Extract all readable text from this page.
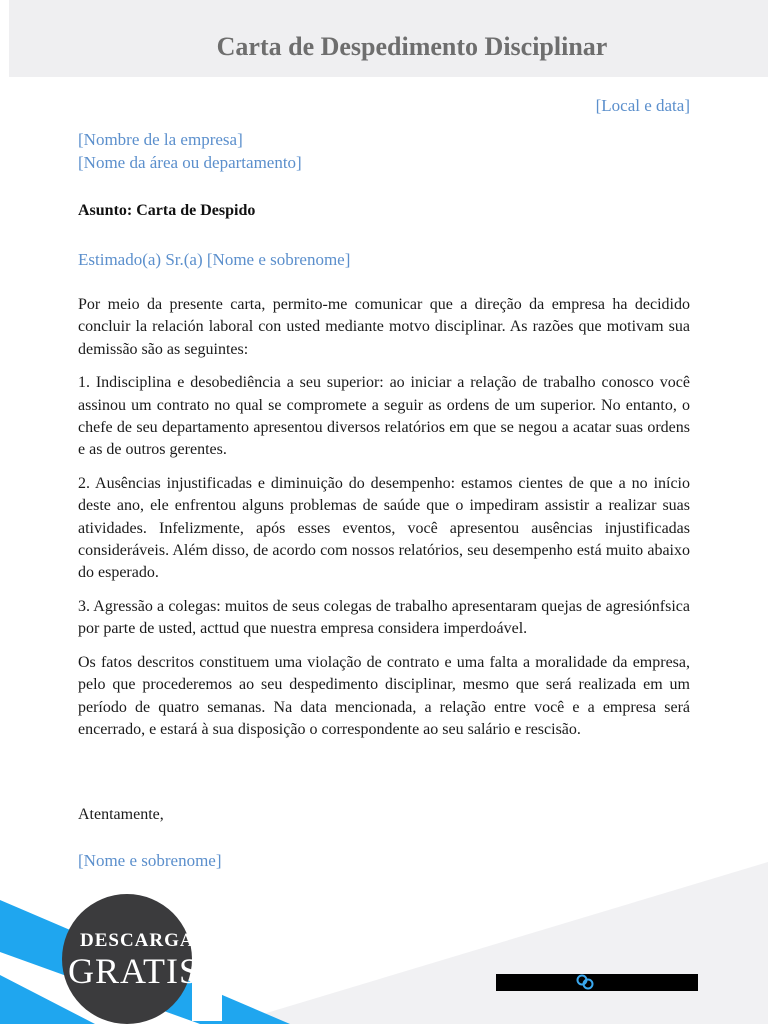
Carta de Despedimento Disciplinar
[Local e data]
[Nombre de la empresa]
[Nome da área ou departamento]
Asunto: Carta de Despido
Estimado(a) Sr.(a) [Nome e sobrenome]

Por meio da presente carta, permito-me comunicar que a direção da empresa ha decidido concluir la relación laboral con usted mediante motvo disciplinar. As razões que motivam sua demissão são as seguintes:

1. Indisciplina e desobediência a seu superior: ao iniciar a relação de trabalho conosco você assinou um contrato no qual se compromete a seguir as ordens de um superior. No entanto, o chefe de seu departamento apresentou diversos relatórios em que se negou a acatar suas ordens e as de outros gerentes.

2. Ausências injustificadas e diminuição do desempenho: estamos cientes de que a no início deste ano, ele enfrentou alguns problemas de saúde que o impediram assistir a realizar suas atividades. Infelizmente, após esses eventos, você apresentou ausências injustificadas consideráveis. Além disso, de acordo com nossos relatórios, seu desempenho está muito abaixo do esperado.

3. Agressão a colegas: muitos de seus colegas de trabalho apresentaram quejas de agresiónfsica por parte de usted, acttud que nuestra empresa considera imperdoável.

Os fatos descritos constituem uma violação de contrato e uma falta a moralidade da empresa, pelo que procederemos ao seu despedimento disciplinar, mesmo que será realizada em um período de quatro semanas. Na data mencionada, a relação entre você e a empresa será encerrado, e estará à sua disposição o correspondente ao seu salário e rescisão.

Atentamente,
[Nome e sobrenome]
DESCARGA
GRATIS
